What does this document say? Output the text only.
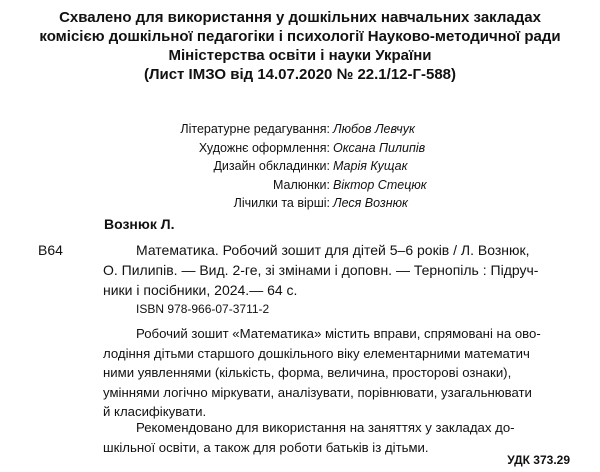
Схвалено для використання у дошкільних навчальних закладах
комісією дошкільної педагогіки і психології Науково-методичної ради
Міністерства освіти і науки України
(Лист ІМЗО від 14.07.2020 № 22.1/12-Г-588)
Літературне редагування: Любов Левчук
Художнє оформлення: Оксана Пилипів
Дизайн обкладинки: Марія Кущак
Малюнки: Віктор Стецюк
Лічилки та вірші: Леся Вознюк
Вознюк Л.
В64	Математика. Робочий зошит для дітей 5–6 років / Л. Вознюк,
О. Пилипів. — Вид. 2-ге, зі змінами і доповн. — Тернопіль : Підруч-
ники і посібники, 2024.— 64 с.
ISBN 978-966-07-3711-2
Робочий зошит «Математика» містить вправи, спрямовані на ово-
лодіння дітьми старшого дошкільного віку елементарними математич
ними уявленнями (кількість, форма, величина, просторові ознаки),
уміннями логічно міркувати, аналізувати, порівнювати, узагальнювати
й класифікувати.
Рекомендовано для використання на заняттях у закладах до-
шкільної освіти, а також для роботи батьків із дітьми.
УДК 373.29
